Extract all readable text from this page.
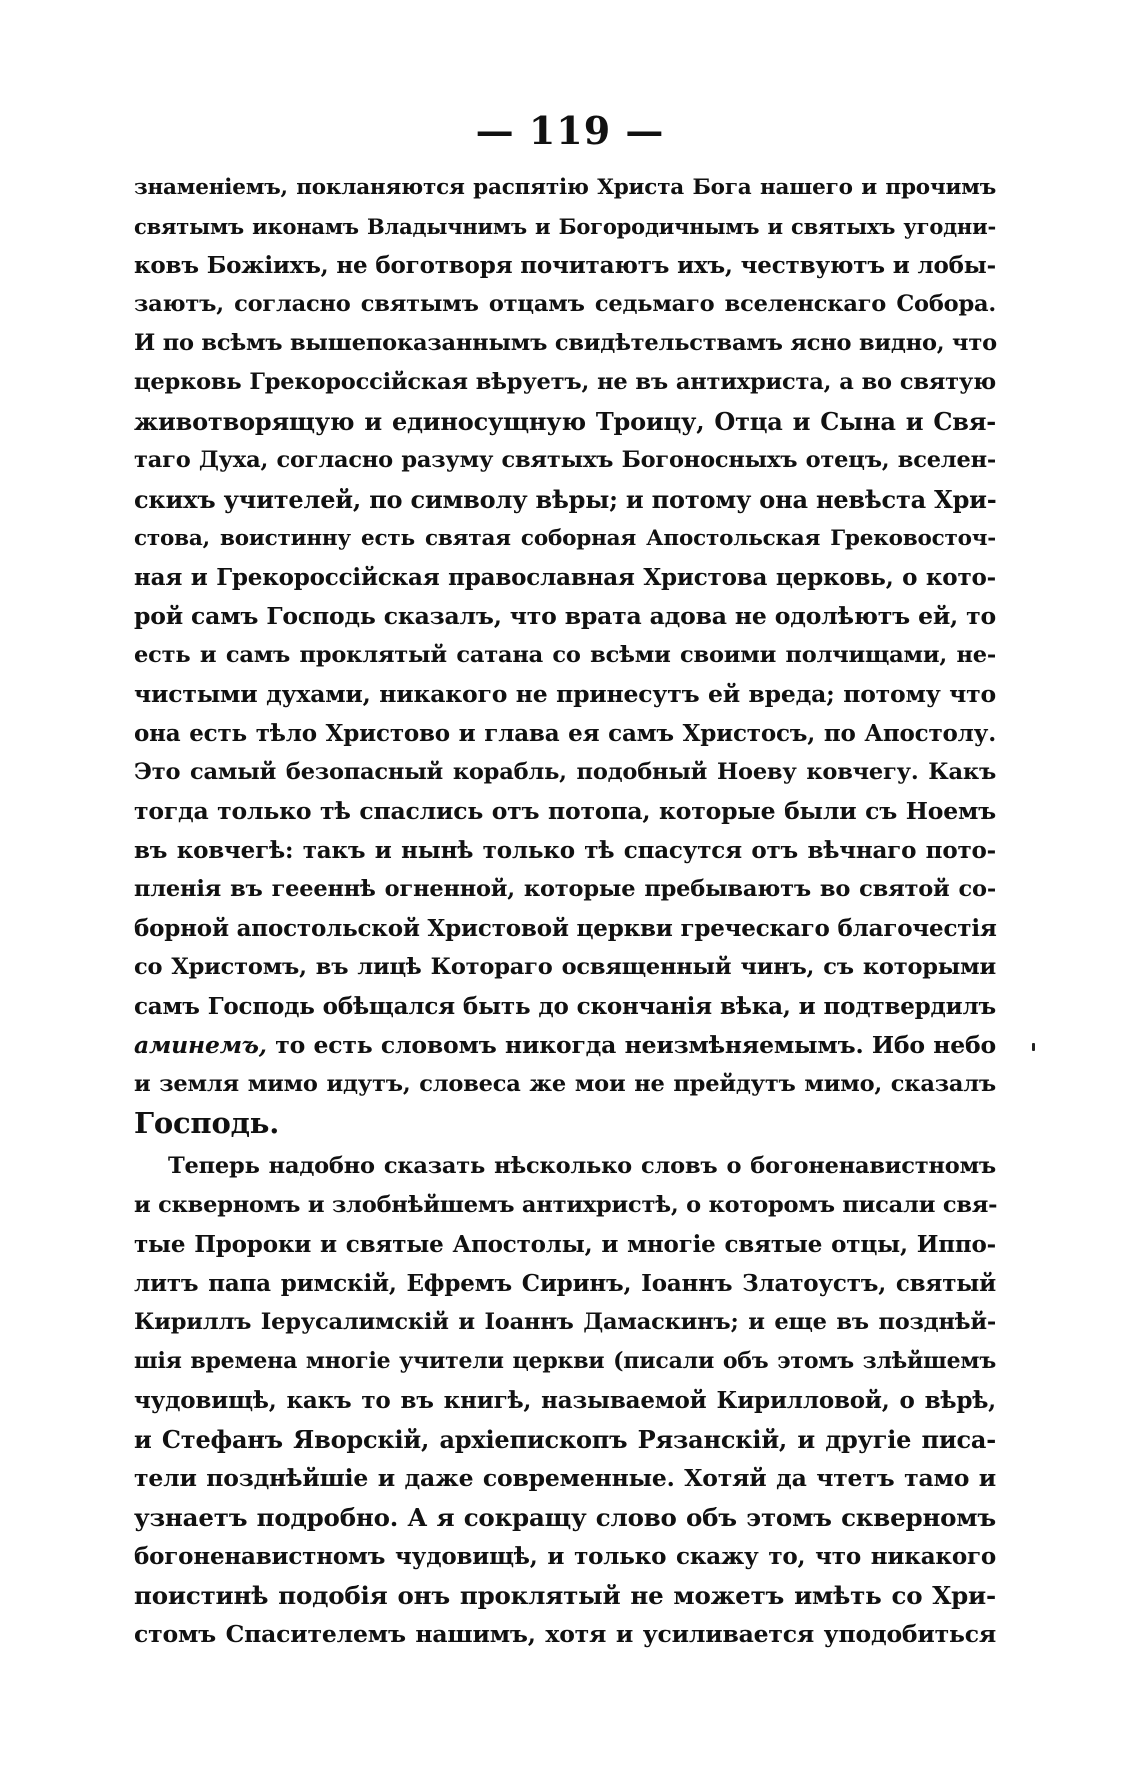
— 119 —
знаменіемъ, покланяются распятію Христа Бога нашего и прочимъ
святымъ иконамъ Владычнимъ и Богородичнымъ и святыхъ угодни-
ковъ Божіихъ, не боготворя почитаютъ ихъ, чествуютъ и лобы-
заютъ, согласно святымъ отцамъ седьмаго вселенскаго Собора.
И по всѣмъ вышепоказаннымъ свидѣтельствамъ ясно видно, что
церковь Грекороссійская вѣруетъ, не въ антихриста, а во святую
животворящую и единосущную Троицу, Отца и Сына и Свя-
таго Духа, согласно разуму святыхъ Богоносныхъ отецъ, вселен-
скихъ учителей, по символу вѣры; и потому она невѣста Хри-
стова, воистинну есть святая соборная Апостольская Грековосточ-
ная и Грекороссійская православная Христова церковь, о кото-
рой самъ Господь сказалъ, что врата адова не одолѣютъ ей, то
есть и самъ проклятый сатана со всѣми своими полчищами, не-
чистыми духами, никакого не принесутъ ей вреда; потому что
она есть тѣло Христово и глава ея самъ Христосъ, по Апостолу.
Это самый безопасный корабль, подобный Ноеву ковчегу. Какъ
тогда только тѣ спаслись отъ потопа, которые были съ Ноемъ
въ ковчегѣ: такъ и нынѣ только тѣ спасутся отъ вѣчнаго пото-
пленія въ геееннѣ огненной, которые пребываютъ во святой со-
борной апостольской Христовой церкви греческаго благочестія
со Христомъ, въ лицѣ Котораго освященный чинъ, съ которыми
самъ Господь обѣщался быть до скончанія вѣка, и подтвердилъ
аминемъ, то есть словомъ никогда неизмѣняемымъ. Ибо небо
и земля мимо идутъ, словеса же мои не прейдутъ мимо, сказалъ
Господь.
Теперь надобно сказать нѣсколько словъ о богоненавистномъ
и скверномъ и злобнѣйшемъ антихристѣ, о которомъ писали свя-
тые Пророки и святые Апостолы, и многіе святые отцы, Иппо-
литъ папа римскій, Ефремъ Сиринъ, Іоаннъ Златоустъ, святый
Кириллъ Іерусалимскій и Іоаннъ Дамаскинъ; и еще въ позднѣй-
шія времена многіе учители церкви (писали объ этомъ злѣйшемъ
чудовищѣ, какъ то въ книгѣ, называемой Кирилловой, о вѣрѣ,
и Стефанъ Яворскій, архіепископъ Рязанскій, и другіе писа-
тели позднѣйшіе и даже современные. Хотяй да чтетъ тамо и
узнаетъ подробно. А я сокращу слово объ этомъ скверномъ
богоненавистномъ чудовищѣ, и только скажу то, что никакого
поистинѣ подобія онъ проклятый не можетъ имѣть со Хри-
стомъ Спасителемъ нашимъ, хотя и усиливается уподобиться
